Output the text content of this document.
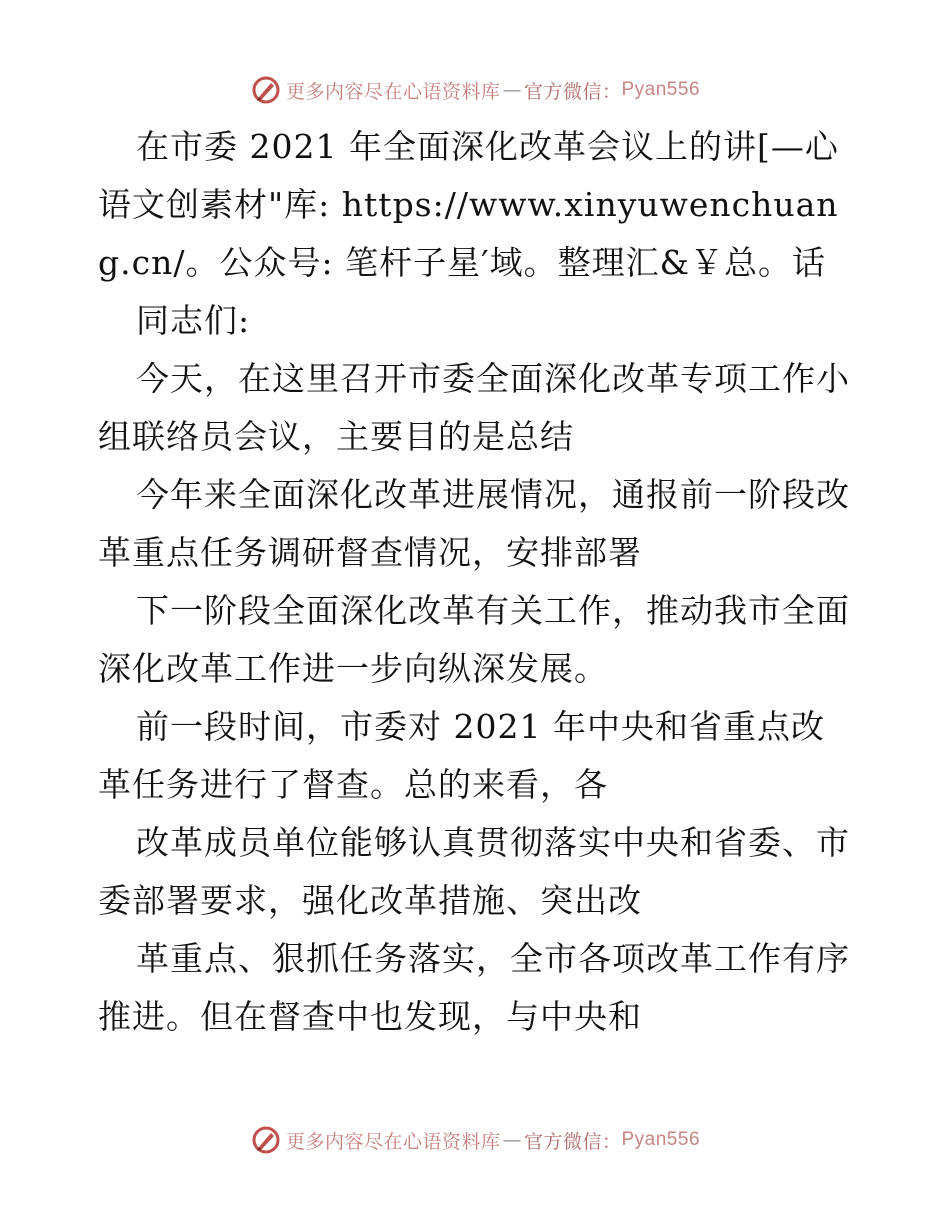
更多内容尽在心语资料库 — 官方微信： Pyan556

在市委 2021 年全面深化改革会议上的讲[—心语文创素材"库: https://www.xinyuwenchuang.cn/。公众号: 笔杆子星′域。整理汇&￥总。话

同志们:

今天，在这里召开市委全面深化改革专项工作小组联络员会议，主要目的是总结

今年来全面深化改革进展情况，通报前一阶段改革重点任务调研督查情况，安排部署

下一阶段全面深化改革有关工作，推动我市全面深化改革工作进一步向纵深发展。

前一段时间，市委对 2021 年中央和省重点改革任务进行了督查。总的来看，各

改革成员单位能够认真贯彻落实中央和省委、市委部署要求，强化改革措施、突出改

革重点、狠抓任务落实，全市各项改革工作有序推进。但在督查中也发现，与中央和

更多内容尽在心语资料库 — 官方微信： Pyan556
